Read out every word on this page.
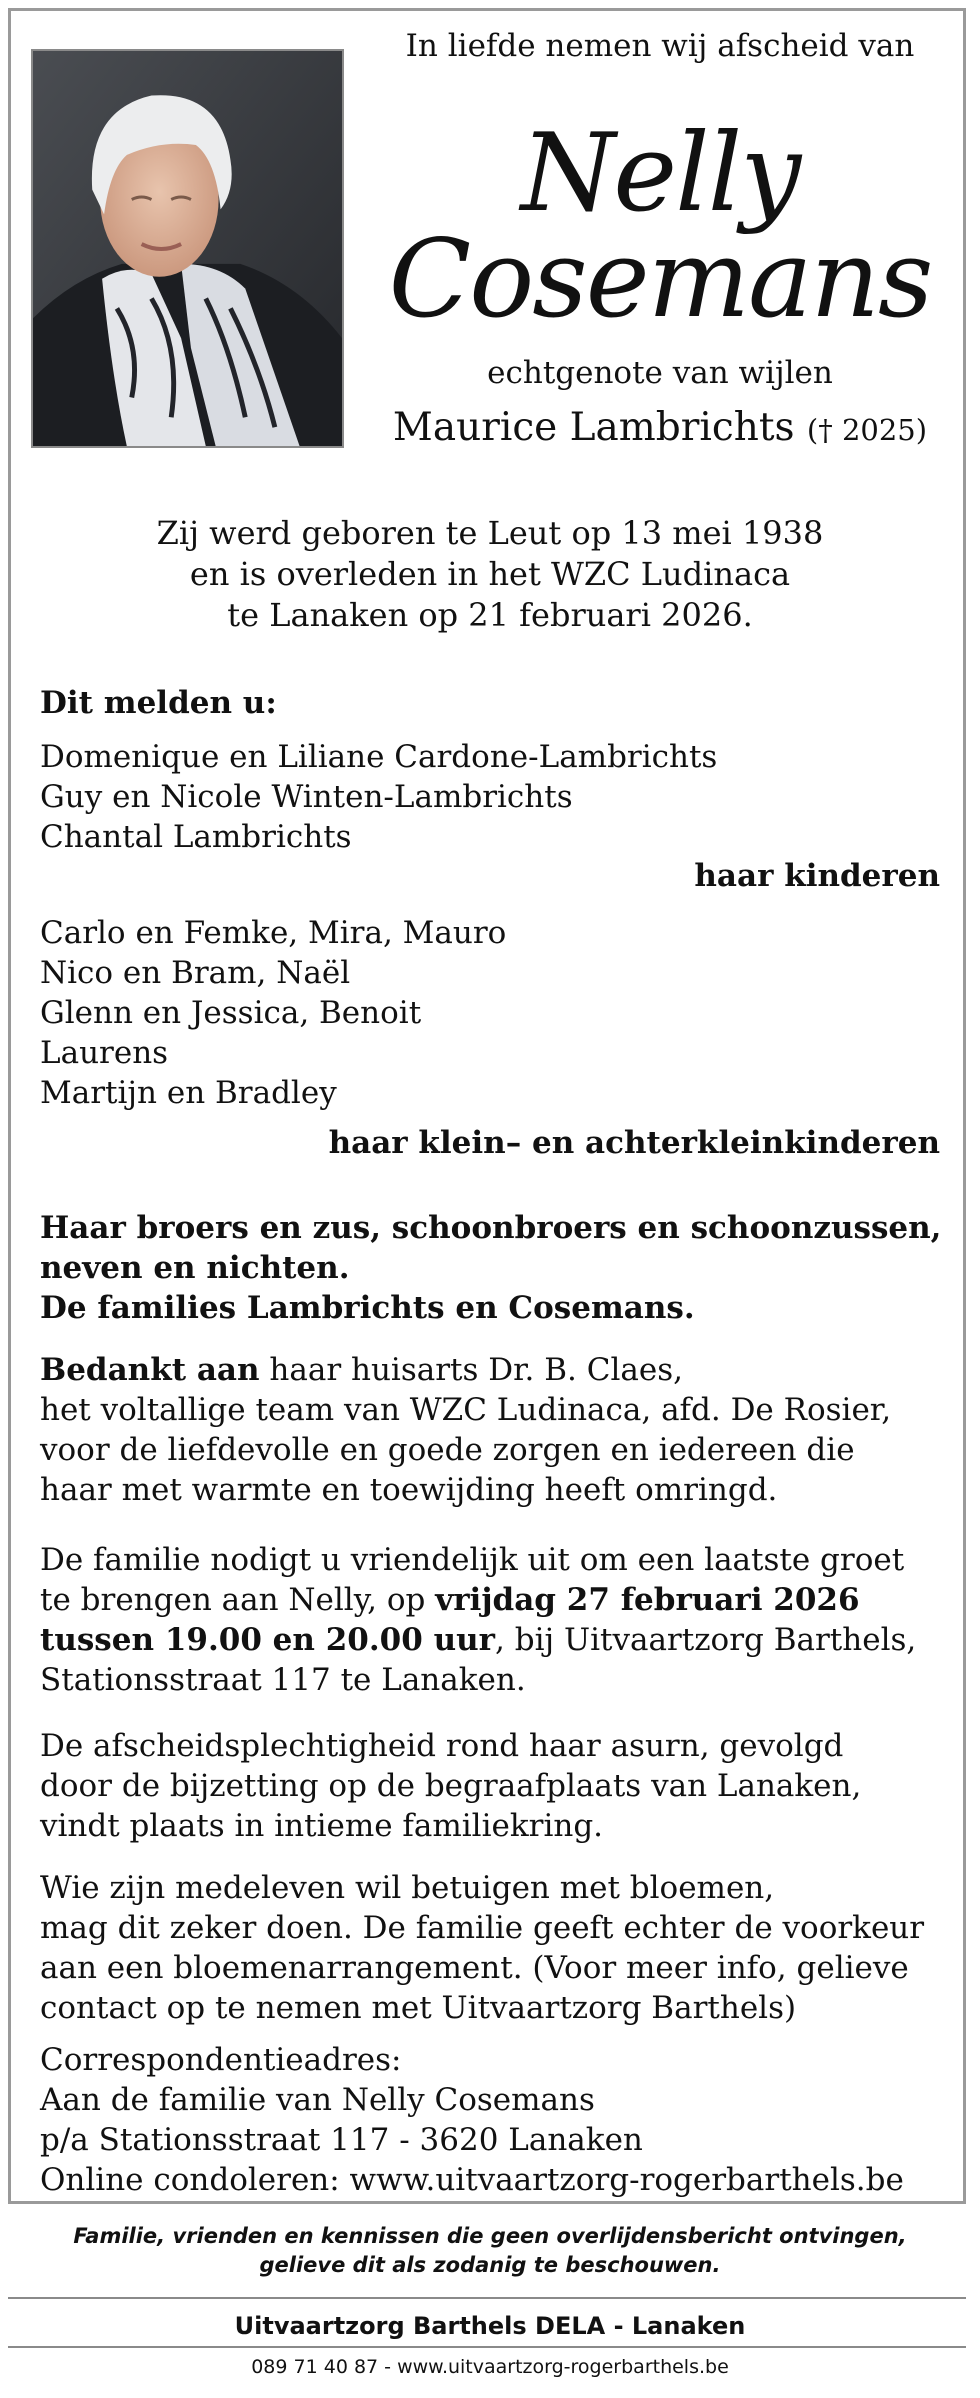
In liefde nemen wij afscheid van
Nelly
Cosemans
echtgenote van wijlen
Maurice Lambrichts († 2025)
Zij werd geboren te Leut op 13 mei 1938
en is overleden in het WZC Ludinaca
te Lanaken op 21 februari 2026.
Dit melden u:
Domenique en Liliane Cardone-Lambrichts
Guy en Nicole Winten-Lambrichts
Chantal Lambrichts
haar kinderen
Carlo en Femke, Mira, Mauro
Nico en Bram, Naël
Glenn en Jessica, Benoit
Laurens
Martijn en Bradley
haar klein– en achterkleinkinderen
Haar broers en zus, schoonbroers en schoonzussen,
neven en nichten.
De families Lambrichts en Cosemans.
Bedankt aan haar huisarts Dr. B. Claes,
het voltallige team van WZC Ludinaca, afd. De Rosier,
voor de liefdevolle en goede zorgen en iedereen die
haar met warmte en toewijding heeft omringd.
De familie nodigt u vriendelijk uit om een laatste groet
te brengen aan Nelly, op vrijdag 27 februari 2026
tussen 19.00 en 20.00 uur, bij Uitvaartzorg Barthels,
Stationsstraat 117 te Lanaken.
De afscheidsplechtigheid rond haar asurn, gevolgd
door de bijzetting op de begraafplaats van Lanaken,
vindt plaats in intieme familiekring.
Wie zijn medeleven wil betuigen met bloemen,
mag dit zeker doen. De familie geeft echter de voorkeur
aan een bloemenarrangement. (Voor meer info, gelieve
contact op te nemen met Uitvaartzorg Barthels)
Correspondentieadres:
Aan de familie van Nelly Cosemans
p/a Stationsstraat 117 - 3620 Lanaken
Online condoleren: www.uitvaartzorg-rogerbarthels.be
Familie, vrienden en kennissen die geen overlijdensbericht ontvingen,
gelieve dit als zodanig te beschouwen.
Uitvaartzorg Barthels DELA - Lanaken
089 71 40 87 - www.uitvaartzorg-rogerbarthels.be
